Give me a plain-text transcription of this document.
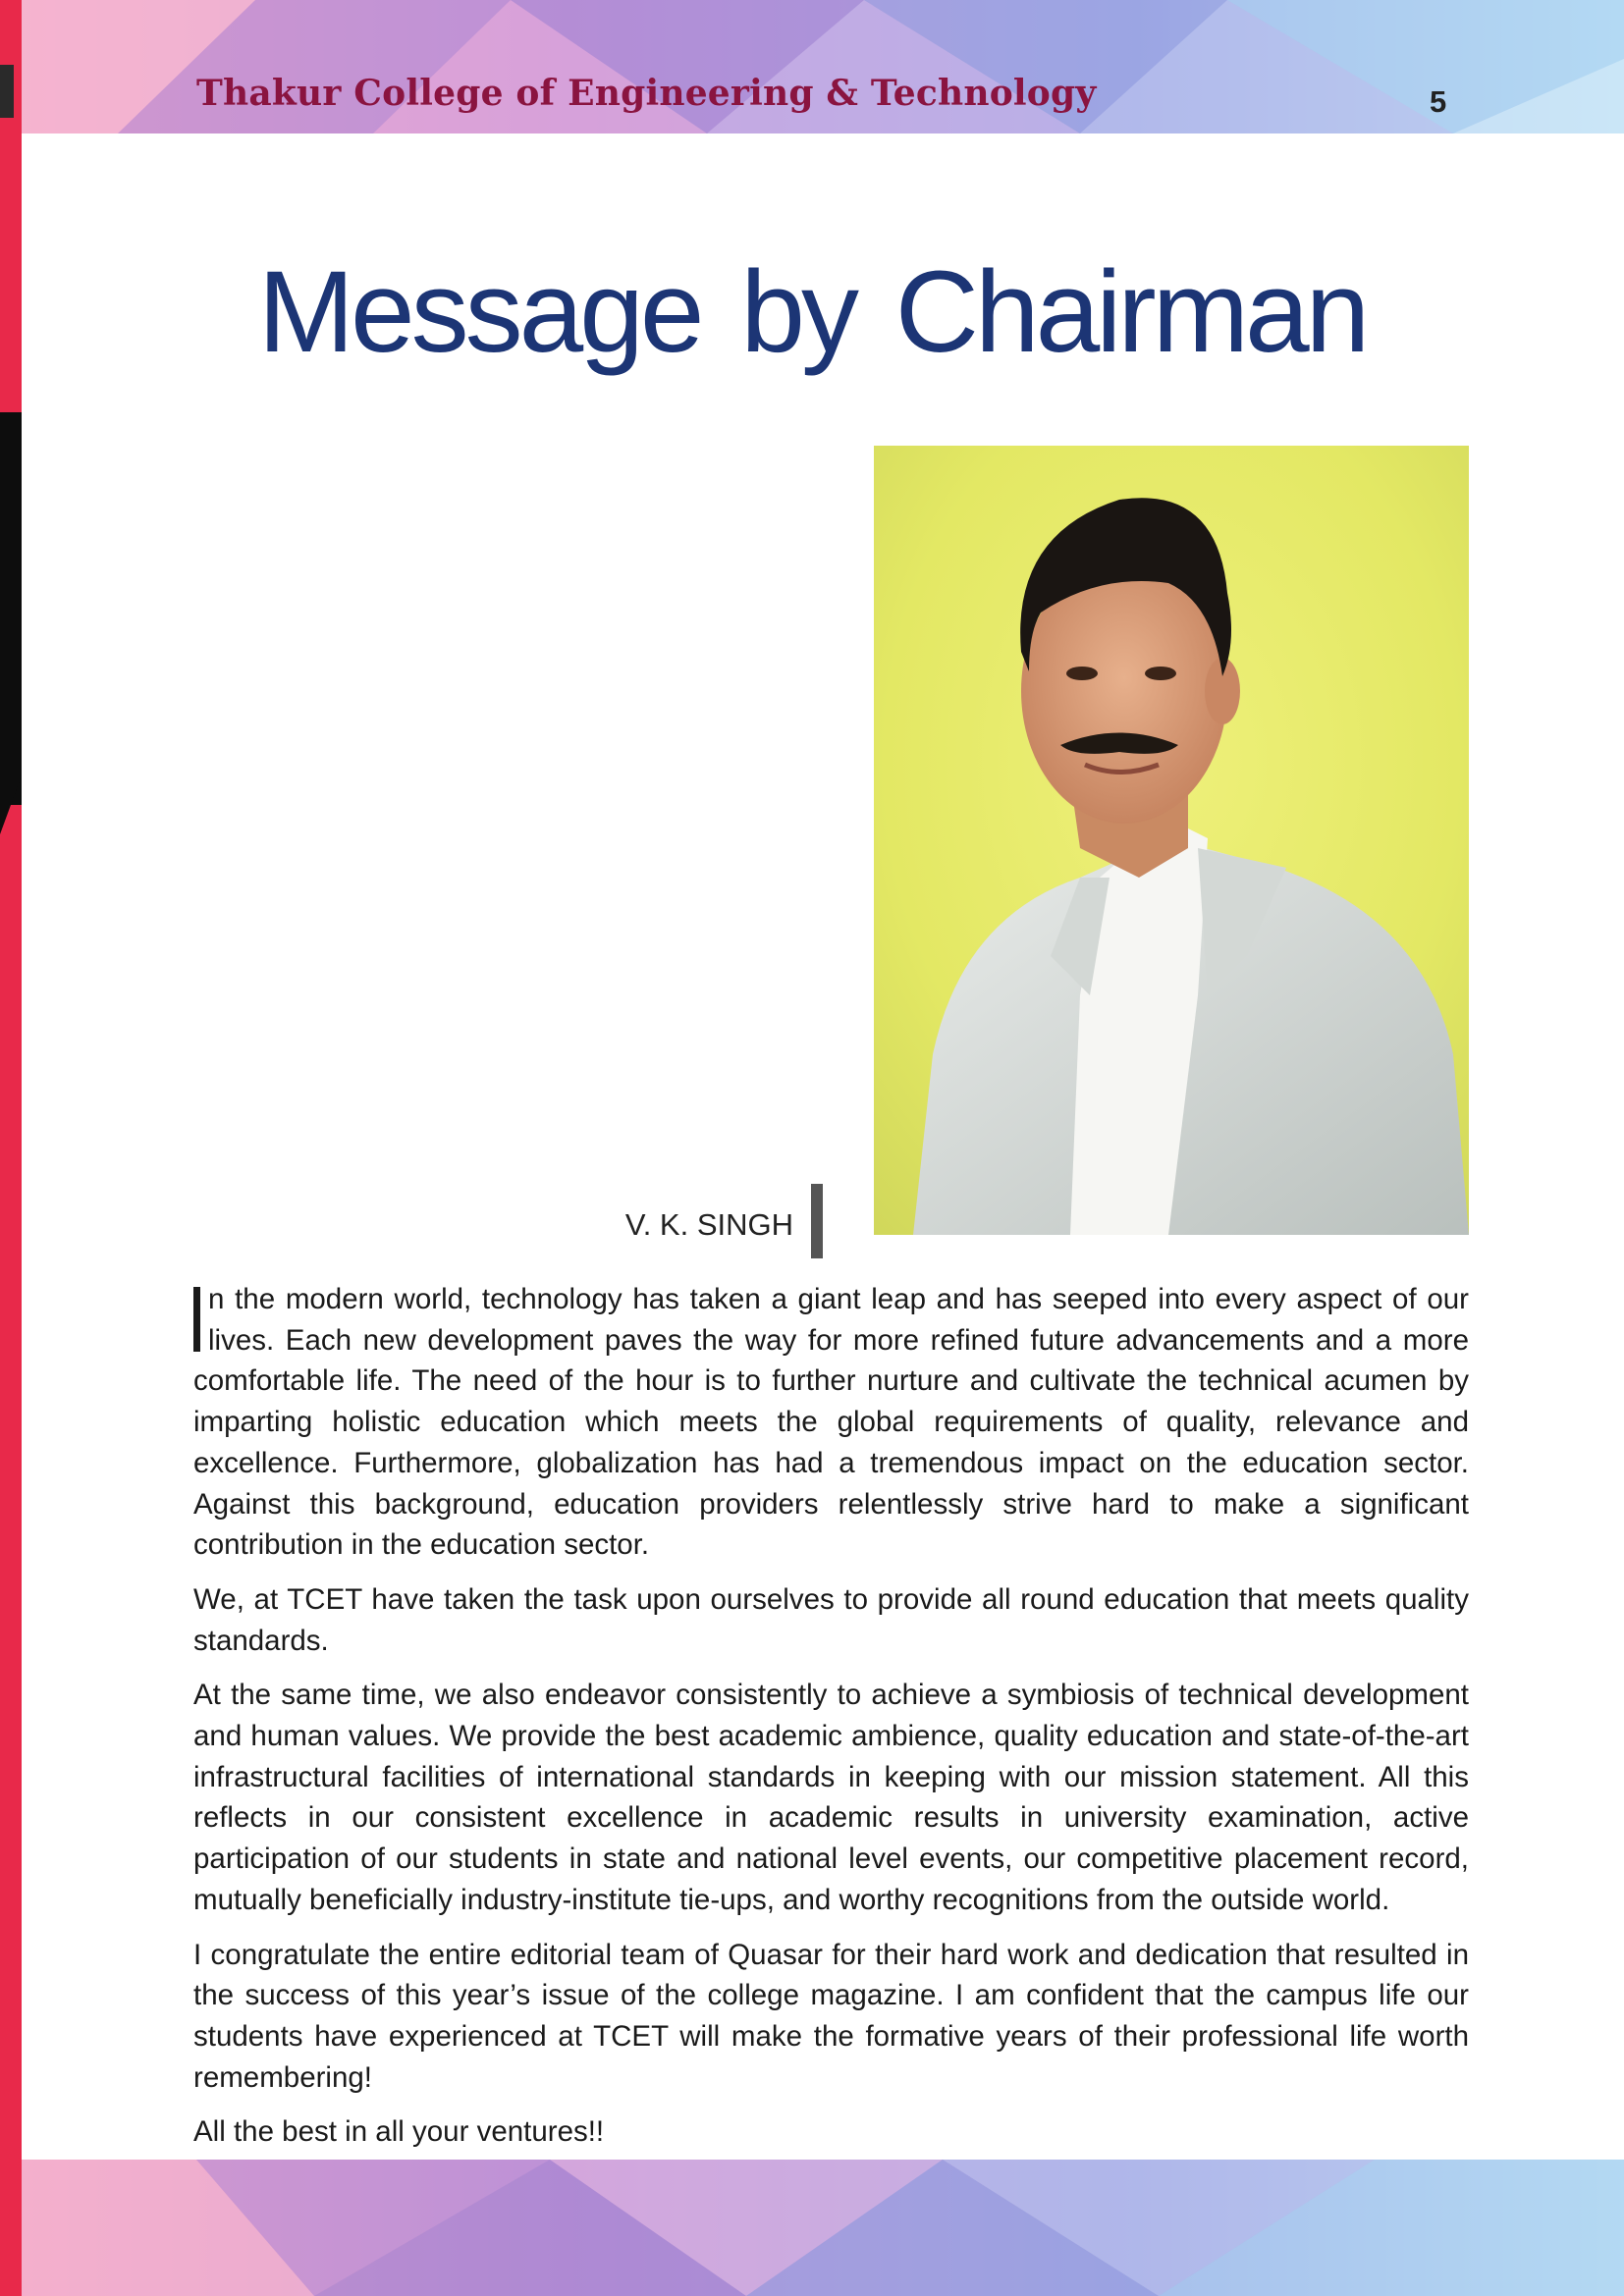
Thakur College of Engineering & Technology	5
Message by Chairman
V. K. SINGH

n the modern world, technology has taken a giant leap and has seeped into every aspect of our lives. Each new development paves the way for more refined future advancements and a more comfortable life. The need of the hour is to further nurture and cultivate the technical acumen by imparting holistic education which meets the global requirements of quality, relevance and excellence. Furthermore, globalization has had a tremendous impact on the education sector. Against this background, education providers relentlessly strive hard to make a significant contribution in the education sector.

We, at TCET have taken the task upon ourselves to provide all round education that meets quality standards.

At the same time, we also endeavor consistently to achieve a symbiosis of technical development and human values. We provide the best academic ambience, quality education and state-of-the-art infrastructural facilities of international standards in keeping with our mission statement. All this reflects in our consistent excellence in academic results in university examination, active participation of our students in state and national level events, our competitive placement record, mutually beneficially industry-institute tie-ups, and worthy recognitions from the outside world.

I congratulate the entire editorial team of Quasar for their hard work and dedication that resulted in the success of this year’s issue of the college magazine. I am confident that the campus life our students have experienced at TCET will make the formative years of their professional life worth remembering!

All the best in all your ventures!!
